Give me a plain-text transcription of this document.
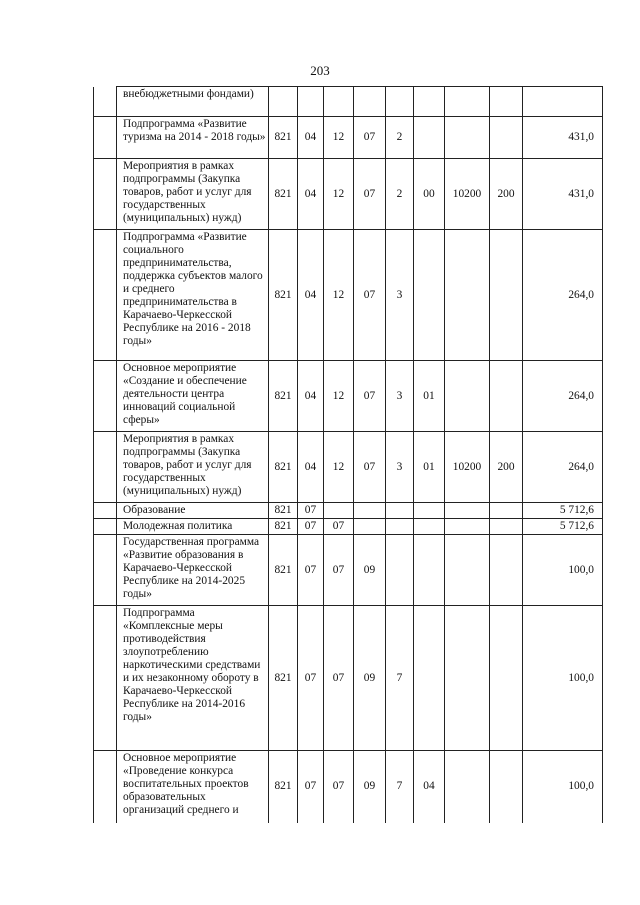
203
	внебюджетными фондами)									
	Подпрограмма «Развитие туризма на 2014 - 2018 годы»	821	04	12	07	2				431,0
	Мероприятия в рамках подпрограммы (Закупка товаров, работ и услуг для государственных (муниципальных) нужд)	821	04	12	07	2	00	10200	200	431,0
	Подпрограмма «Развитие социального предпринимательства, поддержка субъектов малого и среднего предпринимательства в Карачаево-Черкесской Республике на 2016 - 2018 годы»	821	04	12	07	3				264,0
	Основное мероприятие «Создание и обеспечение деятельности центра инноваций социальной сферы»	821	04	12	07	3	01			264,0
	Мероприятия в рамках подпрограммы (Закупка товаров, работ и услуг для государственных (муниципальных) нужд)	821	04	12	07	3	01	10200	200	264,0
	Образование	821	07							5 712,6
	Молодежная политика	821	07	07						5 712,6
	Государственная программа «Развитие образования в Карачаево-Черкесской Республике на 2014-2025 годы»	821	07	07	09					100,0
	Подпрограмма «Комплексные меры противодействия злоупотреблению наркотическими средствами и их незаконному обороту в Карачаево-Черкесской Республике на 2014-2016 годы»	821	07	07	09	7				100,0
	Основное мероприятие «Проведение конкурса воспитательных проектов образовательных организаций среднего и	821	07	07	09	7	04			100,0
